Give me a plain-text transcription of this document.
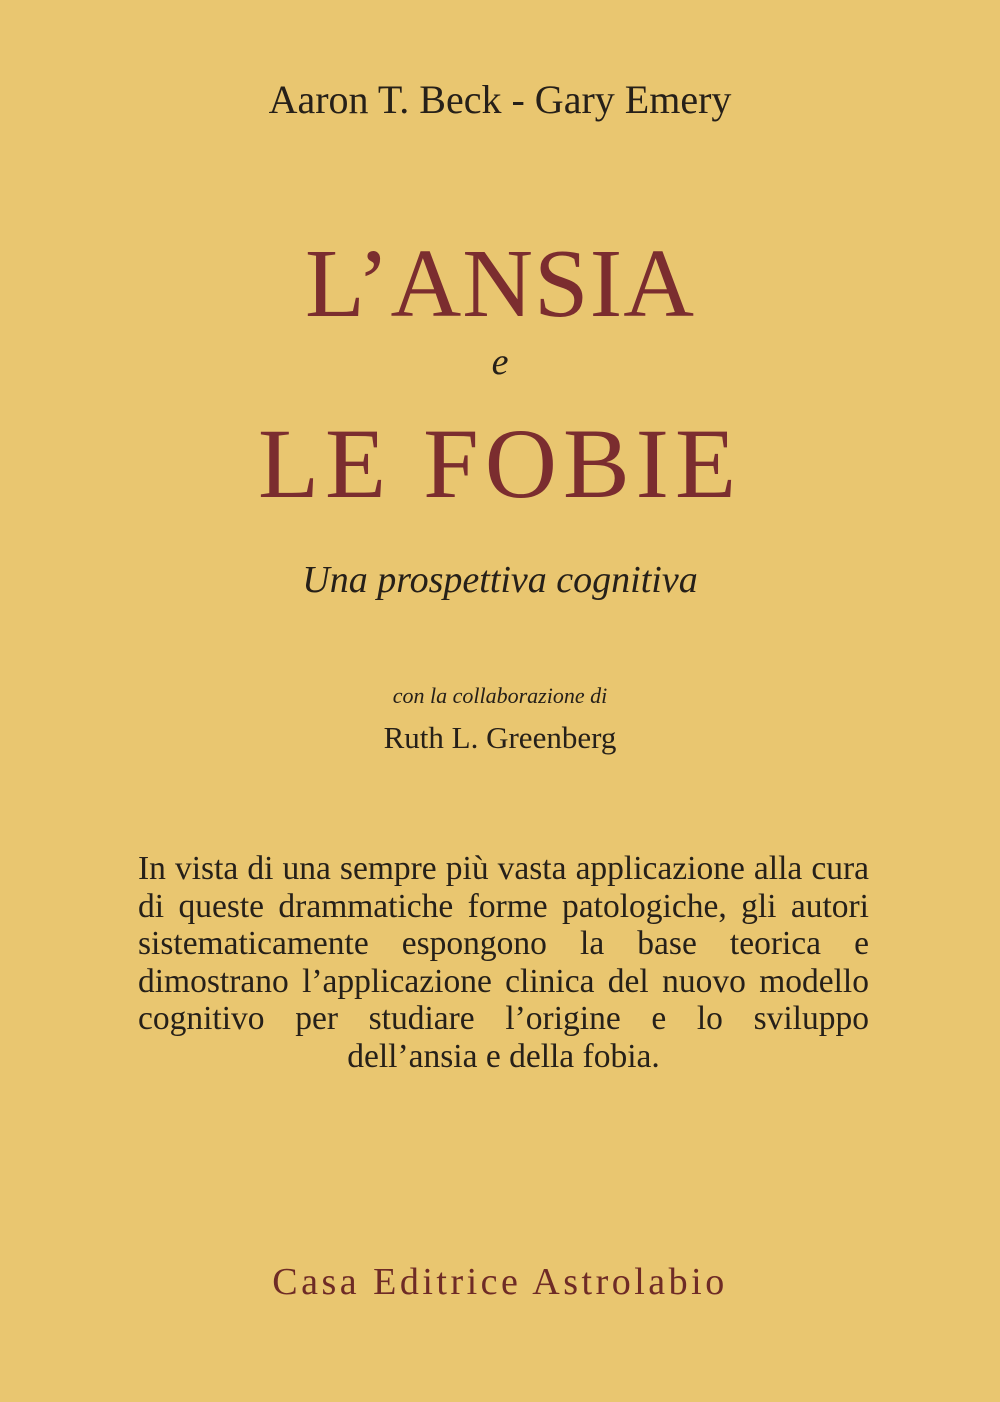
Aaron T. Beck - Gary Emery
L’ANSIA
e
LE FOBIE
Una prospettiva cognitiva
con la collaborazione di
Ruth L. Greenberg
In vista di una sempre più vasta applicazione alla cura di queste drammatiche forme patologiche, gli autori sistematicamente espongono la base teorica e dimostrano l’applicazione clinica del nuovo modello cognitivo per studiare l’origine e lo sviluppo dell’ansia e della fobia.
Casa Editrice Astrolabio
